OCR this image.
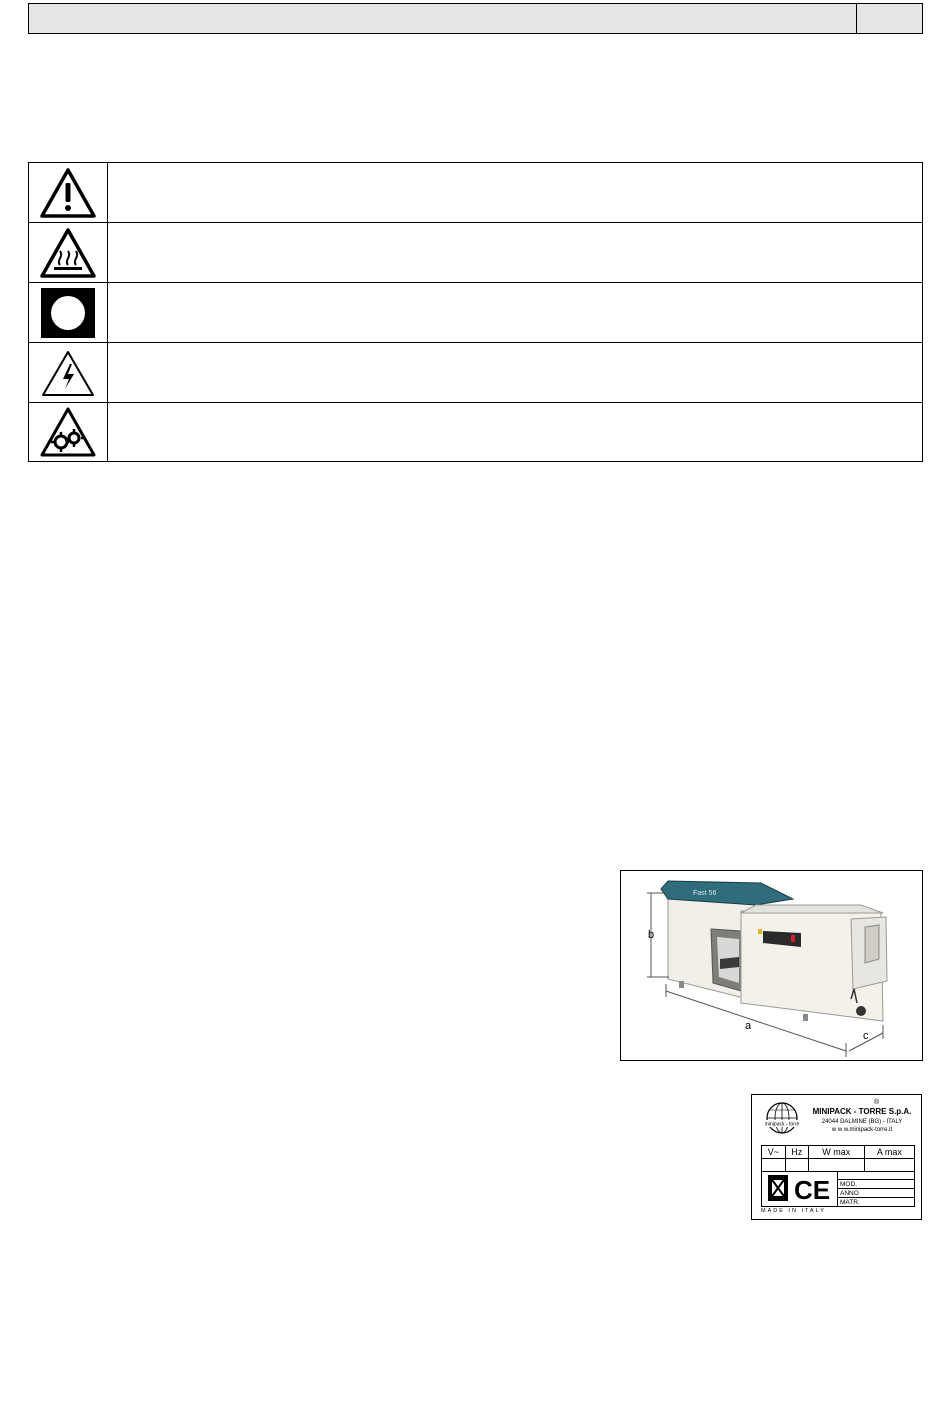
Fast 56
b
a
c
minipack - torre
®
MINIPACK - TORRE S.p.A.
24044 DALMINE (BG) - ITALY
w w w.minipack-torre.it
V~	Hz	W max	A max

CE	MOD.
ANNO
MATR.
MADE IN ITALY
